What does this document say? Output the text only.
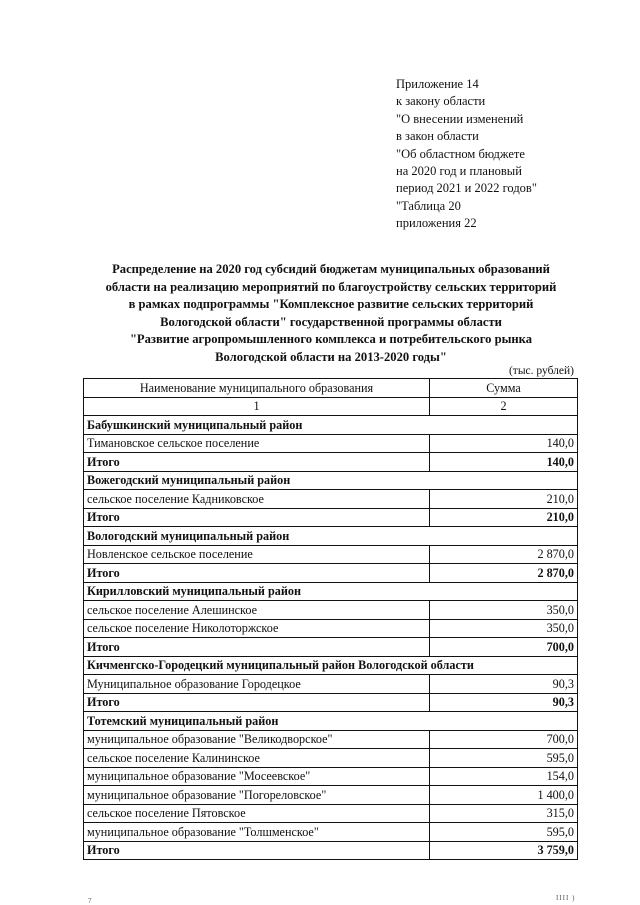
Приложение 14
к закону области
"О внесении изменений
в закон области
"Об областном бюджете
на 2020 год и плановый
период 2021 и 2022 годов"
"Таблица 20
приложения 22
Распределение на 2020 год субсидий бюджетам муниципальных образований
области на реализацию мероприятий по благоустройству сельских территорий
в рамках подпрограммы "Комплексное развитие сельских территорий
Вологодской области" государственной программы области
"Развитие агропромышленного комплекса и потребительского рынка
Вологодской области на 2013-2020 годы"
(тыс. рублей)
Наименование муниципального образования	Сумма
1	2
Бабушкинский муниципальный район	
Тимановское сельское поселение	140,0
Итого	140,0
Вожегодский муниципальный район	
сельское поселение Кадниковское	210,0
Итого	210,0
Вологодский муниципальный район	
Новленское сельское поселение	2 870,0
Итого	2 870,0
Кирилловский муниципальный район	
сельское поселение Алешинское	350,0
сельское поселение Николоторжское	350,0
Итого	700,0
Кичменгско-Городецкий муниципальный район Вологодской области	
Муниципальное образование Городецкое	90,3
Итого	90,3
Тотемский муниципальный район	
муниципальное образование "Великодворское"	700,0
сельское поселение Калининское	595,0
муниципальное образование "Мосеевское"	154,0
муниципальное образование "Погореловское"	1 400,0
сельское поселение Пятовское	315,0
муниципальное образование "Толшменское"	595,0
Итого	3 759,0
7	ІІІІ )
